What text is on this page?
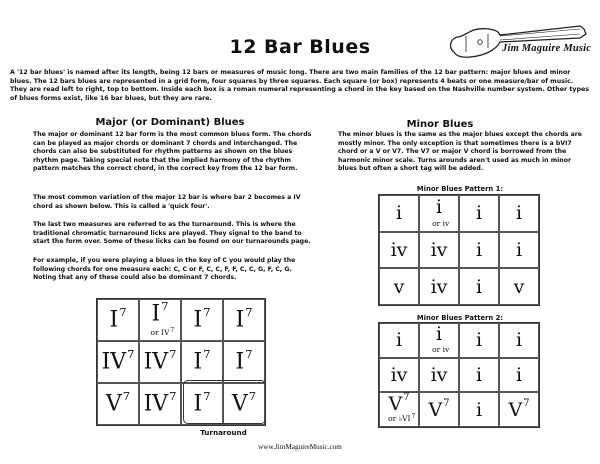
12 Bar Blues	Jim Maguire Music
A '12 bar blues' is named after its length, being 12 bars or measures of music long. There are two main families of the 12 bar pattern: major blues and minor blues. The 12 bars blues are represented in a grid form, four squares by three squares. Each square (or box) represents 4 beats or one measure/bar of music. They are read left to right, top to bottom. Inside each box is a roman numeral representing a chord in the key based on the Nashville number system. Other types of blues forms exist, like 16 bar blues, but they are rare.
Major (or Dominant) Blues
The major or dominant 12 bar form is the most common blues form. The chords can be played as major chords or dominant 7 chords and interchanged. The chords can also be substituted for rhythm patterns as shown on the blues rhythm page. Taking special note that the implied harmony of the rhythm pattern matches the correct chord, in the correct key from the 12 bar form.
The most common variation of the major 12 bar is where bar 2 becomes a IV chord as shown below. This is called a 'quick four'.
The last two measures are referred to as the turnaround. This is where the traditional chromatic turnaround licks are played. They signal to the band to start the form over. Some of these licks can be found on our turnarounds page.
For example, if you were playing a blues in the key of C you would play the following chords for one measure each: C, C or F, C, C, F, F, C, C, G, F, C, G. Noting that any of these could also be dominant 7 chords.
$I^7$ $I^7$
or $IV^7$ $I^7$ $I^7$
$IV^7$ $IV^7$ $I^7$ $I^7$
$V^7$ $IV^7$ $I^7$ $V^7$
Turnaround
Minor Blues
The minor blues is the same as the major blues except the chords are mostly minor. The only exception is that sometimes there is a bVI7 chord or a V or V7. The V7 or major V chord is borrowed from the harmonic minor scale. Turns arounds aren't used as much in minor blues but often a short tag will be added.
Minor Blues Pattern 1:
i i
or iv i i
iv iv i i
v iv i v
Minor Blues Pattern 2:
i i
or iv i i
iv iv i i
$V^7$
or $♭VI^7$ $V^7$ i $V^7$
www.JimMaguireMusic.com
